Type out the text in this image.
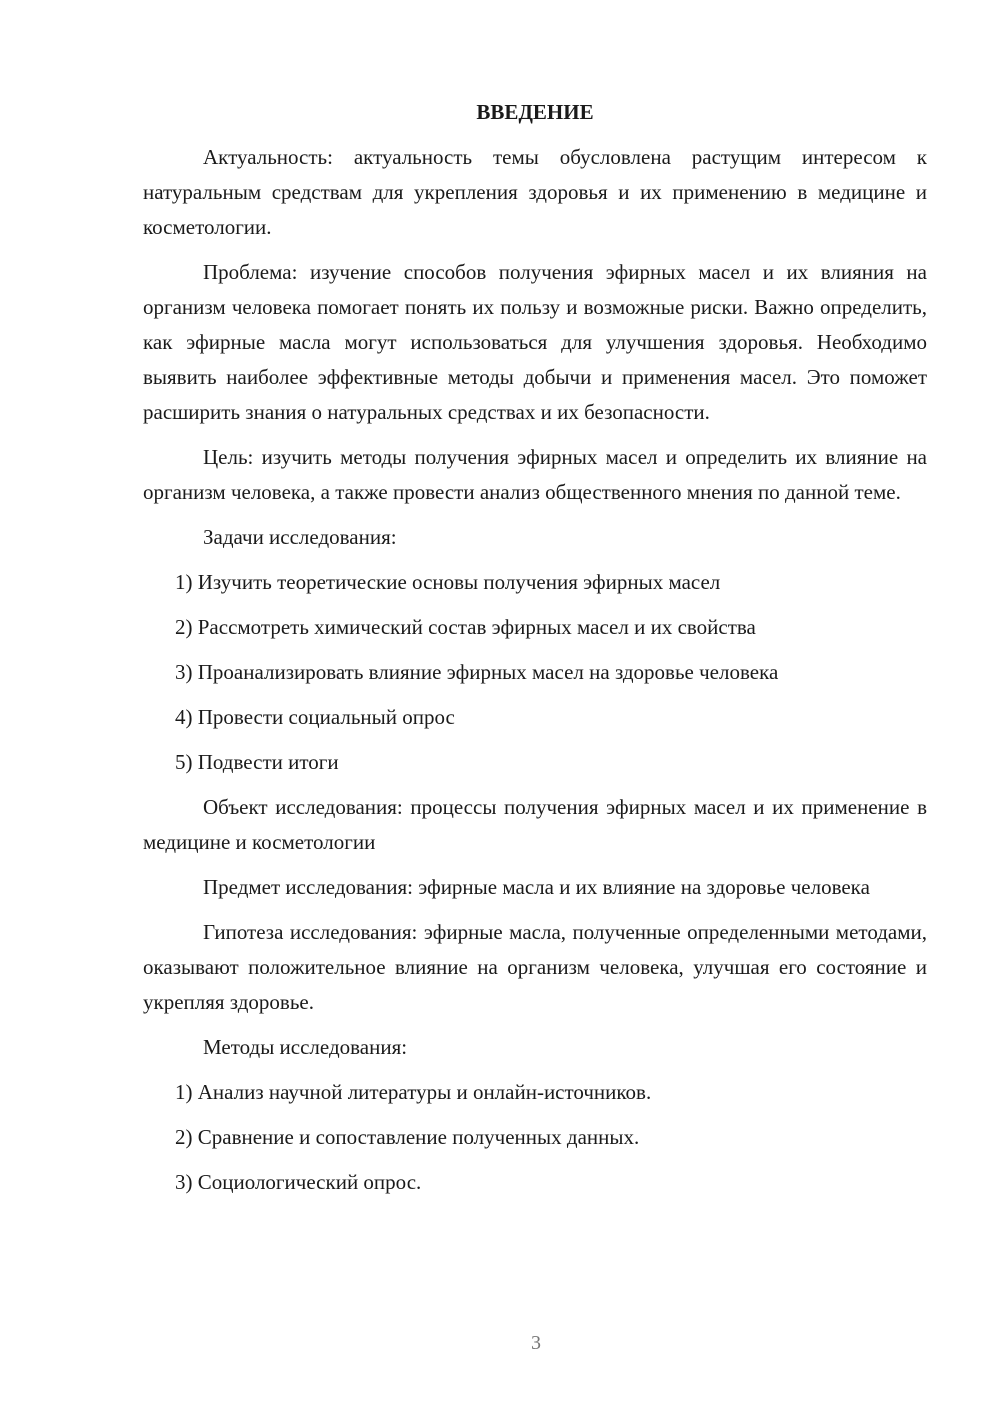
ВВЕДЕНИЕ

Актуальность: актуальность темы обусловлена растущим интересом к натуральным средствам для укрепления здоровья и их применению в медицине и косметологии.

Проблема: изучение способов получения эфирных масел и их влияния на организм человека помогает понять их пользу и возможные риски. Важно определить, как эфирные масла могут использоваться для улучшения здоровья. Необходимо выявить наиболее эффективные методы добычи и применения масел. Это поможет расширить знания о натуральных средствах и их безопасности.

Цель: изучить методы получения эфирных масел и определить их влияние на организм человека, а также провести анализ общественного мнения по данной теме.

Задачи исследования:

1) Изучить теоретические основы получения эфирных масел
2) Рассмотреть химический состав эфирных масел и их свойства
3) Проанализировать влияние эфирных масел на здоровье человека
4) Провести социальный опрос
5) Подвести итоги

Объект исследования: процессы получения эфирных масел и их применение в медицине и косметологии

Предмет исследования: эфирные масла и их влияние на здоровье человека

Гипотеза исследования: эфирные масла, полученные определенными методами, оказывают положительное влияние на организм человека, улучшая его состояние и укрепляя здоровье.

Методы исследования:

1) Анализ научной литературы и онлайн-источников.
2) Сравнение и сопоставление полученных данных.
3) Социологический опрос.
3
